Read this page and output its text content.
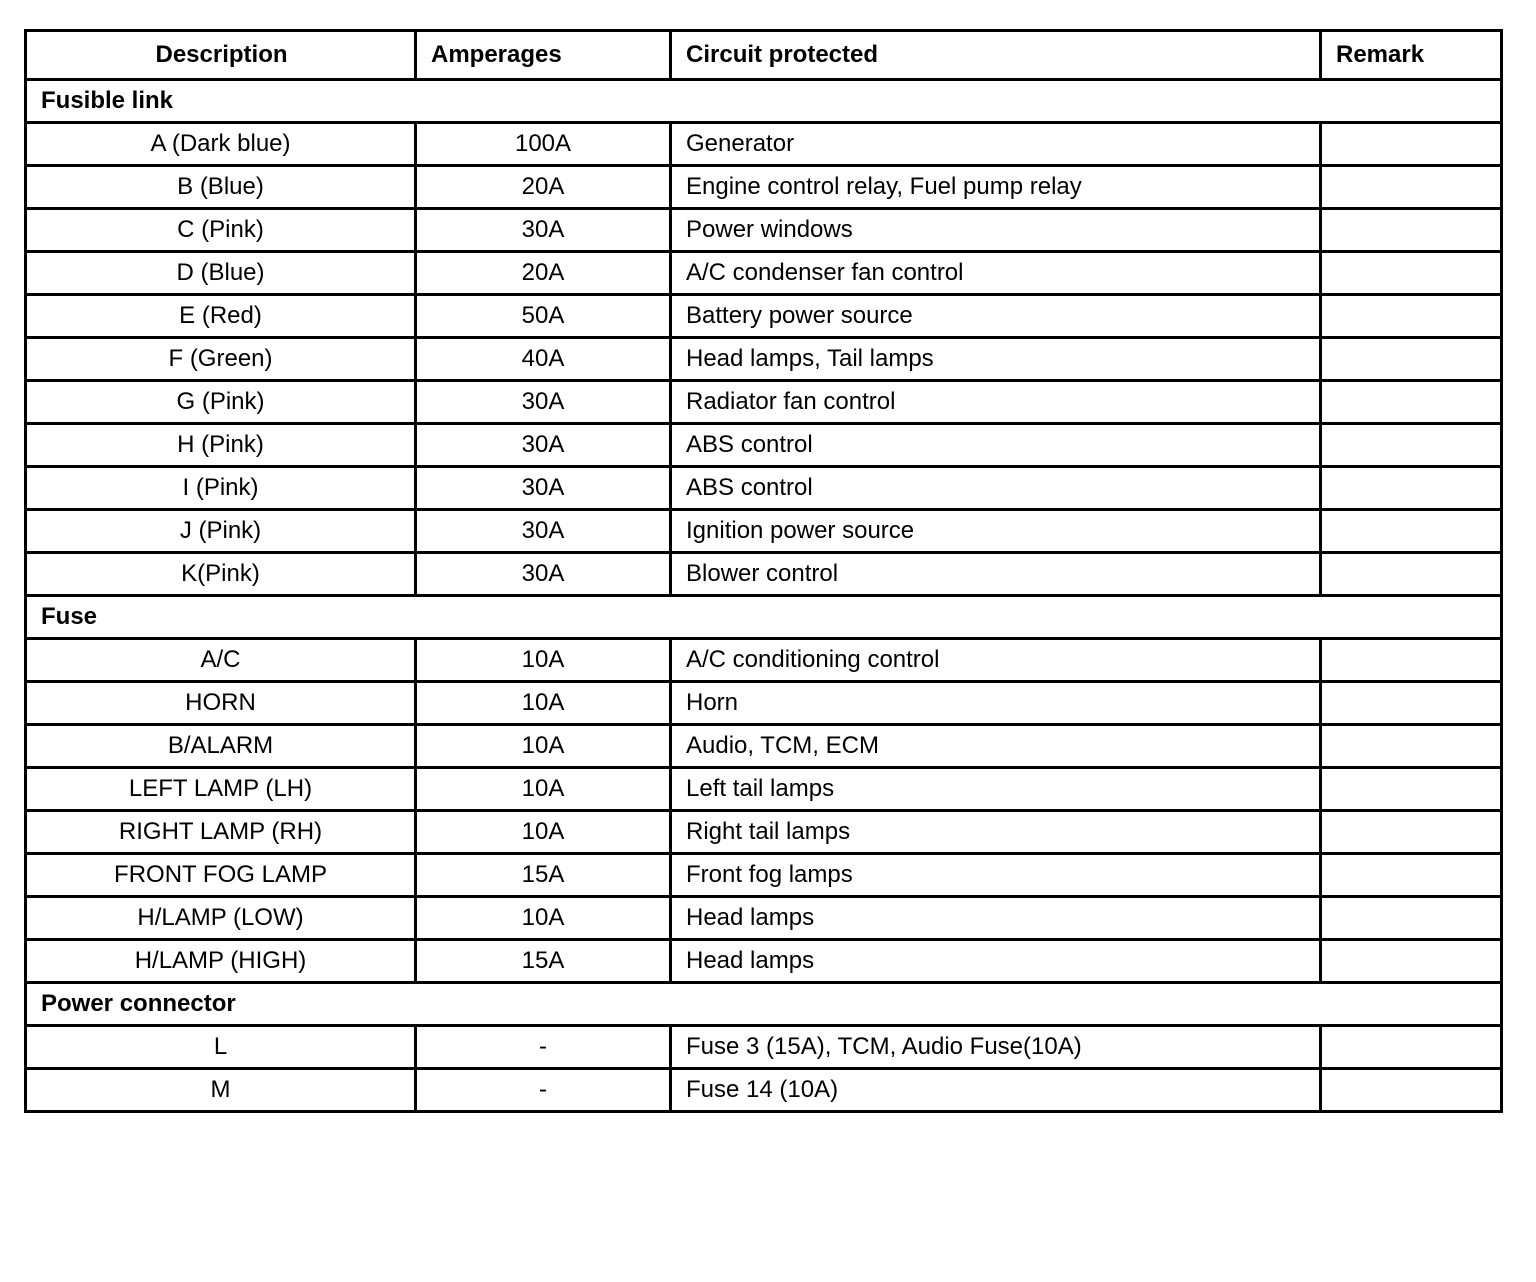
Description	Amperages	Circuit protected	Remark
Fusible link			
A (Dark blue)	100A	Generator	
B (Blue)	20A	Engine control relay, Fuel pump relay	
C (Pink)	30A	Power windows	
D (Blue)	20A	A/C condenser fan control	
E (Red)	50A	Battery power source	
F (Green)	40A	Head lamps, Tail lamps	
G (Pink)	30A	Radiator fan control	
H (Pink)	30A	ABS control	
I (Pink)	30A	ABS control	
J (Pink)	30A	Ignition power source	
K(Pink)	30A	Blower control	
Fuse			
A/C	10A	A/C conditioning control	
HORN	10A	Horn	
B/ALARM	10A	Audio, TCM, ECM	
LEFT LAMP (LH)	10A	Left tail lamps	
RIGHT LAMP (RH)	10A	Right tail lamps	
FRONT FOG LAMP	15A	Front fog lamps	
H/LAMP (LOW)	10A	Head lamps	
H/LAMP (HIGH)	15A	Head lamps	
Power connector			
L	-	Fuse 3 (15A), TCM, Audio Fuse(10A)	
M	-	Fuse 14 (10A)	
